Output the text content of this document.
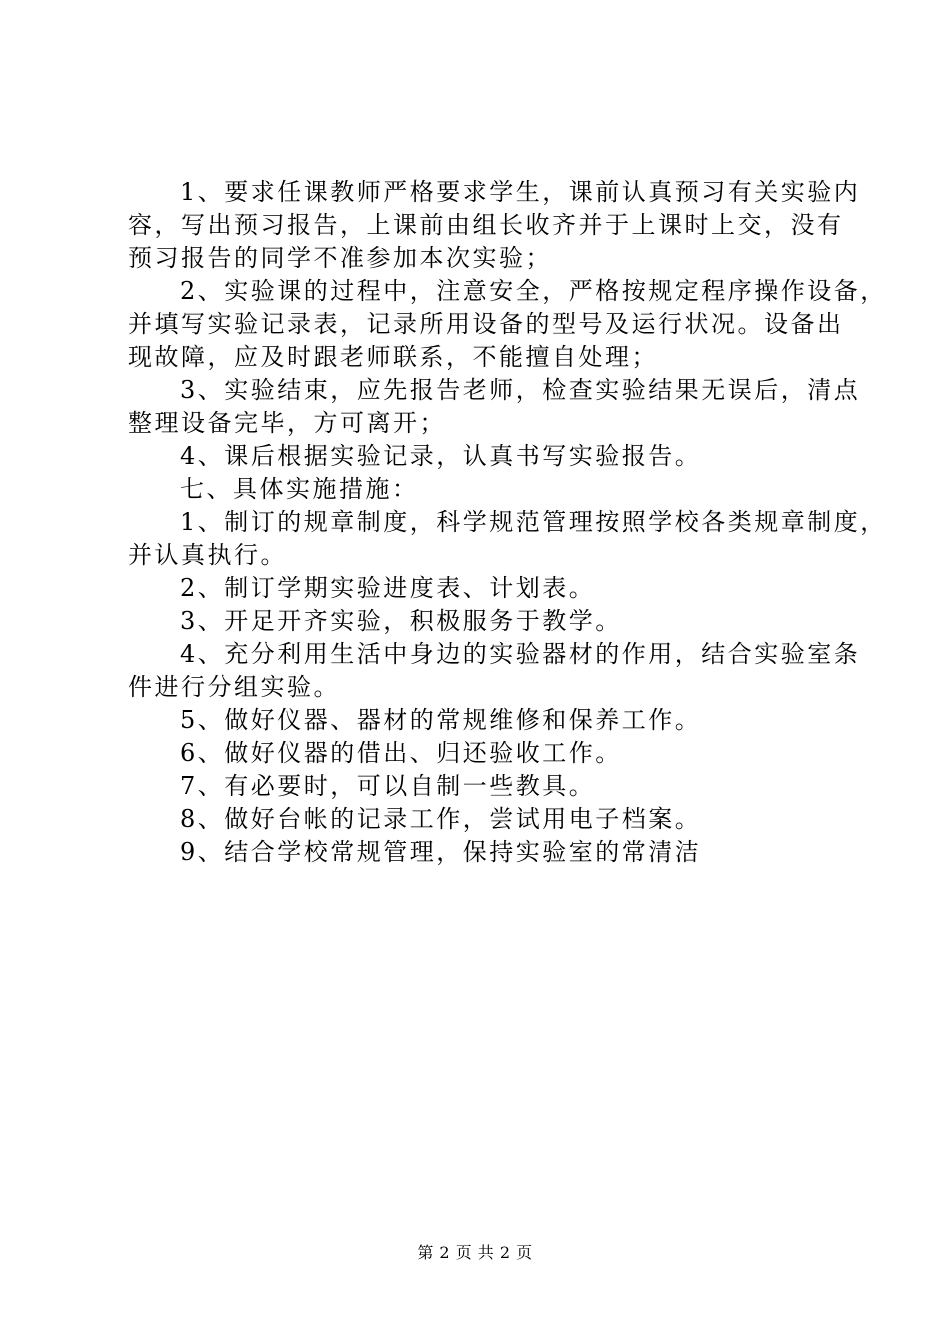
1、要求任课教师严格要求学生，课前认真预习有关实验内
容，写出预习报告，上课前由组长收齐并于上课时上交，没有
预习报告的同学不准参加本次实验；

2、实验课的过程中，注意安全，严格按规定程序操作设备，
并填写实验记录表，记录所用设备的型号及运行状况。设备出
现故障，应及时跟老师联系，不能擅自处理；

3、实验结束，应先报告老师，检查实验结果无误后，清点
整理设备完毕，方可离开；

4、课后根据实验记录，认真书写实验报告。

七、具体实施措施：

1、制订的规章制度，科学规范管理按照学校各类规章制度，
并认真执行。

2、制订学期实验进度表、计划表。

3、开足开齐实验，积极服务于教学。

4、充分利用生活中身边的实验器材的作用，结合实验室条
件进行分组实验。

5、做好仪器、器材的常规维修和保养工作。

6、做好仪器的借出、归还验收工作。

7、有必要时，可以自制一些教具。

8、做好台帐的记录工作，尝试用电子档案。

9、结合学校常规管理，保持实验室的常清洁

第 2 页 共 2 页
